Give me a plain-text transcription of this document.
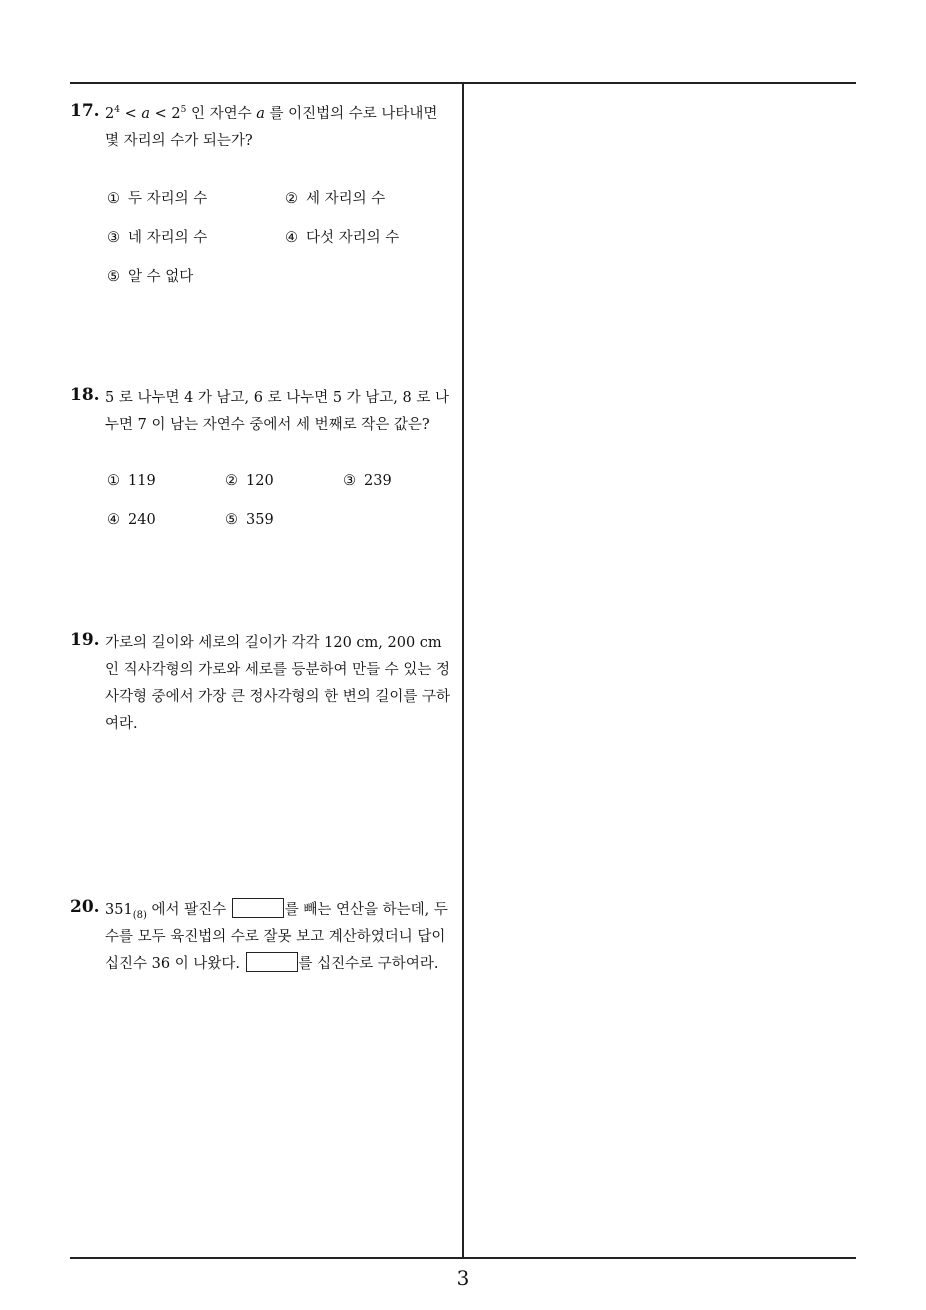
17. $2^4 < a < 2^5$ 인 자연수 a 를 이진법의 수로 나타내면 몇 자리의 수가 되는가?
① 두 자리의 수	② 세 자리의 수
③ 네 자리의 수	④ 다섯 자리의 수
⑤ 알 수 없다
18. 5 로 나누면 4 가 남고, 6 로 나누면 5 가 남고, 8 로 나누면 7 이 남는 자연수 중에서 세 번째로 작은 값은?
① 119	② 120	③ 239
④ 240	⑤ 359
19. 가로의 길이와 세로의 길이가 각각 120 cm, 200 cm 인 직사각형의 가로와 세로를 등분하여 만들 수 있는 정사각형 중에서 가장 큰 정사각형의 한 변의 길이를 구하여라.
20. $351_{(8)}$ 에서 팔진수	를 빼는 연산을 하는데, 두 수를 모두 육진법의 수로 잘못 보고 계산하였더니 답이 십진수 36 이 나왔다.	를 십진수로 구하여라.
3
